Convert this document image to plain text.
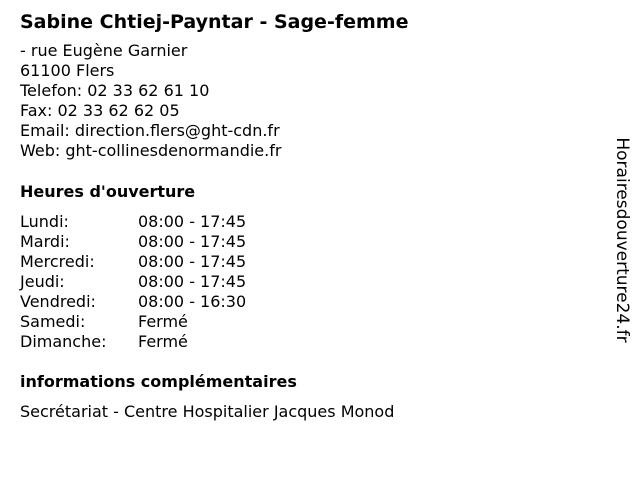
Sabine Chtiej-Payntar - Sage-femme
- rue Eugène Garnier
61100 Flers
Telefon: 02 33 62 61 10
Fax: 02 33 62 62 05
Email: direction.flers@ght-cdn.fr
Web: ght-collinesdenormandie.fr
Heures d'ouverture
Lundi:	08:00 - 17:45
Mardi:	08:00 - 17:45
Mercredi:	08:00 - 17:45
Jeudi:	08:00 - 17:45
Vendredi:	08:00 - 16:30
Samedi:	Fermé
Dimanche:	Fermé
informations complémentaires
Secrétariat - Centre Hospitalier Jacques Monod
Horairesdouverture24.fr
